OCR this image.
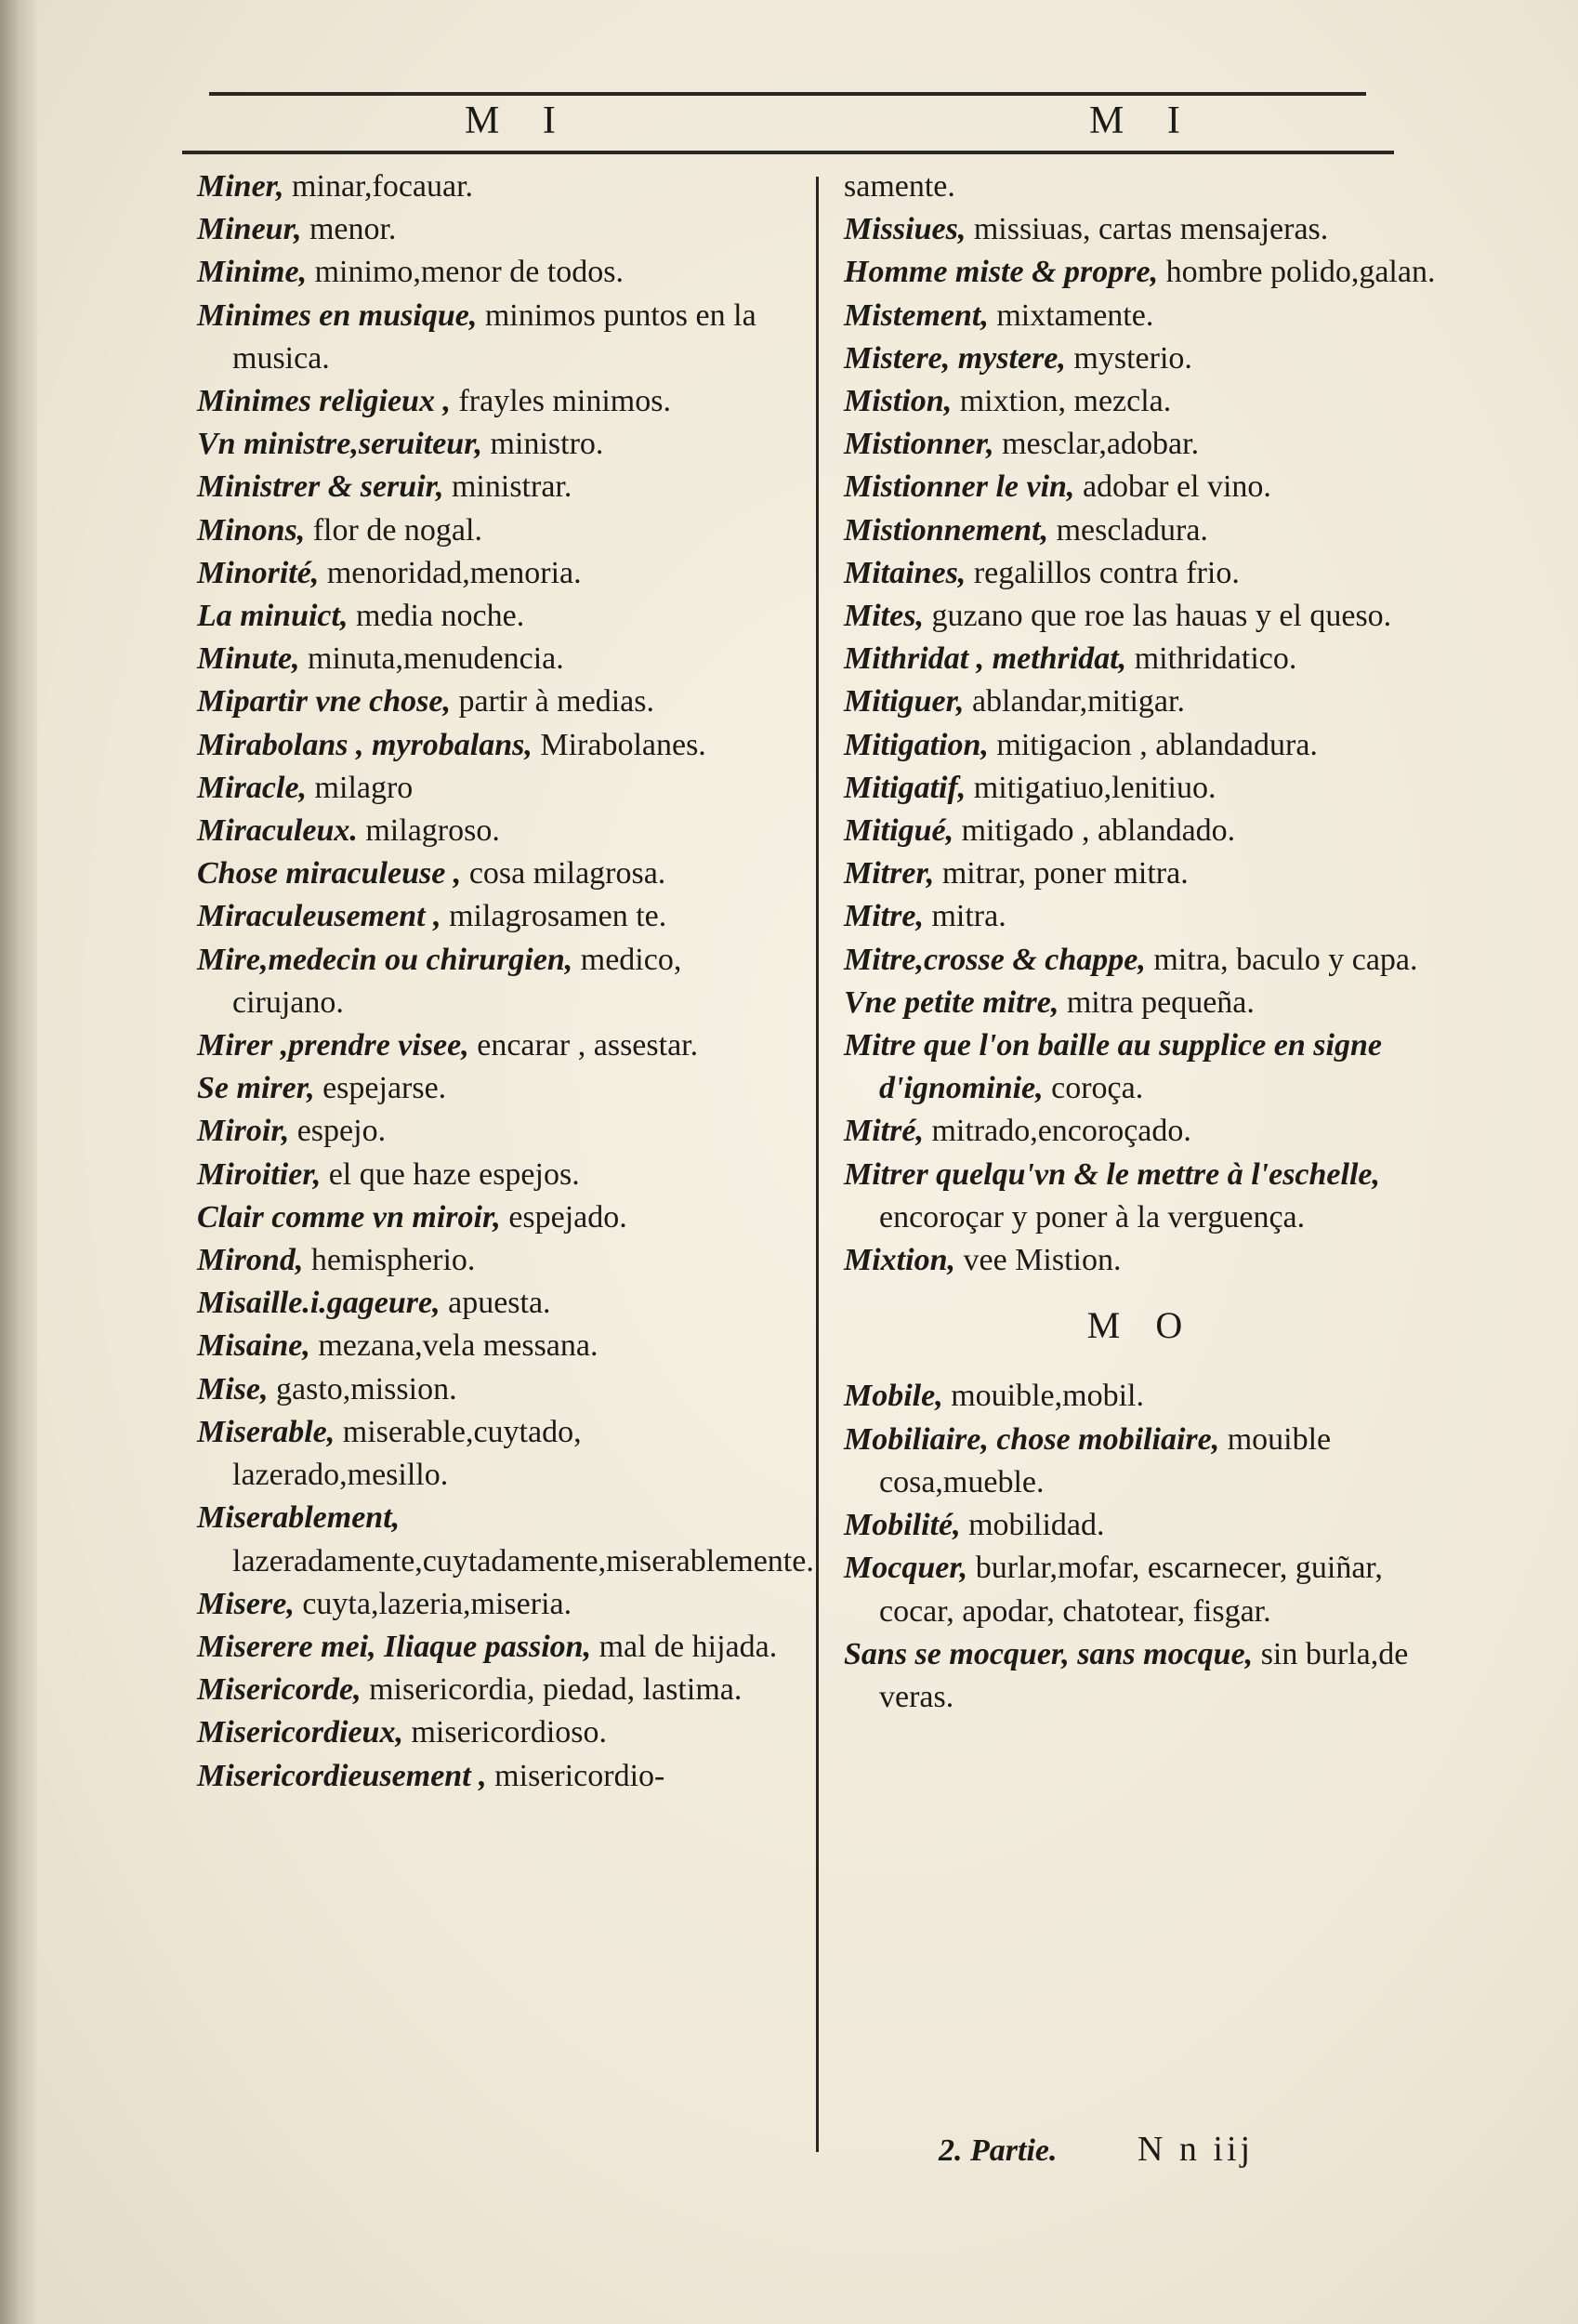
M I	M I
Miner, minar,focauar.
Mineur, menor.
Minime, minimo,menor de todos.
Minimes en musique, minimos puntos en la musica.
Minimes religieux , frayles minimos.
Vn ministre,seruiteur, ministro.
Ministrer & seruir, ministrar.
Minons, flor de nogal.
Minorité, menoridad,menoria.
La minuict, media noche.
Minute, minuta,menudencia.
Mipartir vne chose, partir à medias.
Mirabolans , myrobalans, Mirabolanes.
Miracle, milagro
Miraculeux. milagroso.
Chose miraculeuse , cosa milagrosa.
Miraculeusement , milagrosamen te.
Mire,medecin ou chirurgien, medico, cirujano.
Mirer ,prendre visee, encarar , assestar.
Se mirer, espejarse.
Miroir, espejo.
Miroitier, el que haze espejos.
Clair comme vn miroir, espejado.
Mirond, hemispherio.
Misaille.i.gageure, apuesta.
Misaine, mezana,vela messana.
Mise, gasto,mission.
Miserable, miserable,cuytado, lazerado,mesillo.
Miserablement, lazeradamente,cuytadamente,miserablemente.
Misere, cuyta,lazeria,miseria.
Miserere mei, Iliaque passion, mal de hijada.
Misericorde, misericordia, piedad, lastima.
Misericordieux, misericordioso.
Misericordieusement , misericordio-
samente.
Missiues, missiuas, cartas mensajeras.
Homme miste & propre, hombre polido,galan.
Mistement, mixtamente.
Mistere, mystere, mysterio.
Mistion, mixtion, mezcla.
Mistionner, mesclar,adobar.
Mistionner le vin, adobar el vino.
Mistionnement, mescladura.
Mitaines, regalillos contra frio.
Mites, guzano que roe las hauas y el queso.
Mithridat , methridat, mithridatico.
Mitiguer, ablandar,mitigar.
Mitigation, mitigacion , ablandadura.
Mitigatif, mitigatiuo,lenitiuo.
Mitigué, mitigado , ablandado.
Mitrer, mitrar, poner mitra.
Mitre, mitra.
Mitre,crosse & chappe, mitra, baculo y capa.
Vne petite mitre, mitra pequeña.
Mitre que l'on baille au supplice en signe d'ignominie, coroça.
Mitré, mitrado,encoroçado.
Mitrer quelqu'vn & le mettre à l'eschelle, encoroçar y poner à la verguença.
Mixtion, vee Mistion.
M O
Mobile, mouible,mobil.
Mobiliaire, chose mobiliaire, mouible cosa,mueble.
Mobilité, mobilidad.
Mocquer, burlar,mofar, escarnecer, guiñar, cocar, apodar, chatotear, fisgar.
Sans se mocquer, sans mocque, sin burla,de veras.
2. Partie. N n iij
